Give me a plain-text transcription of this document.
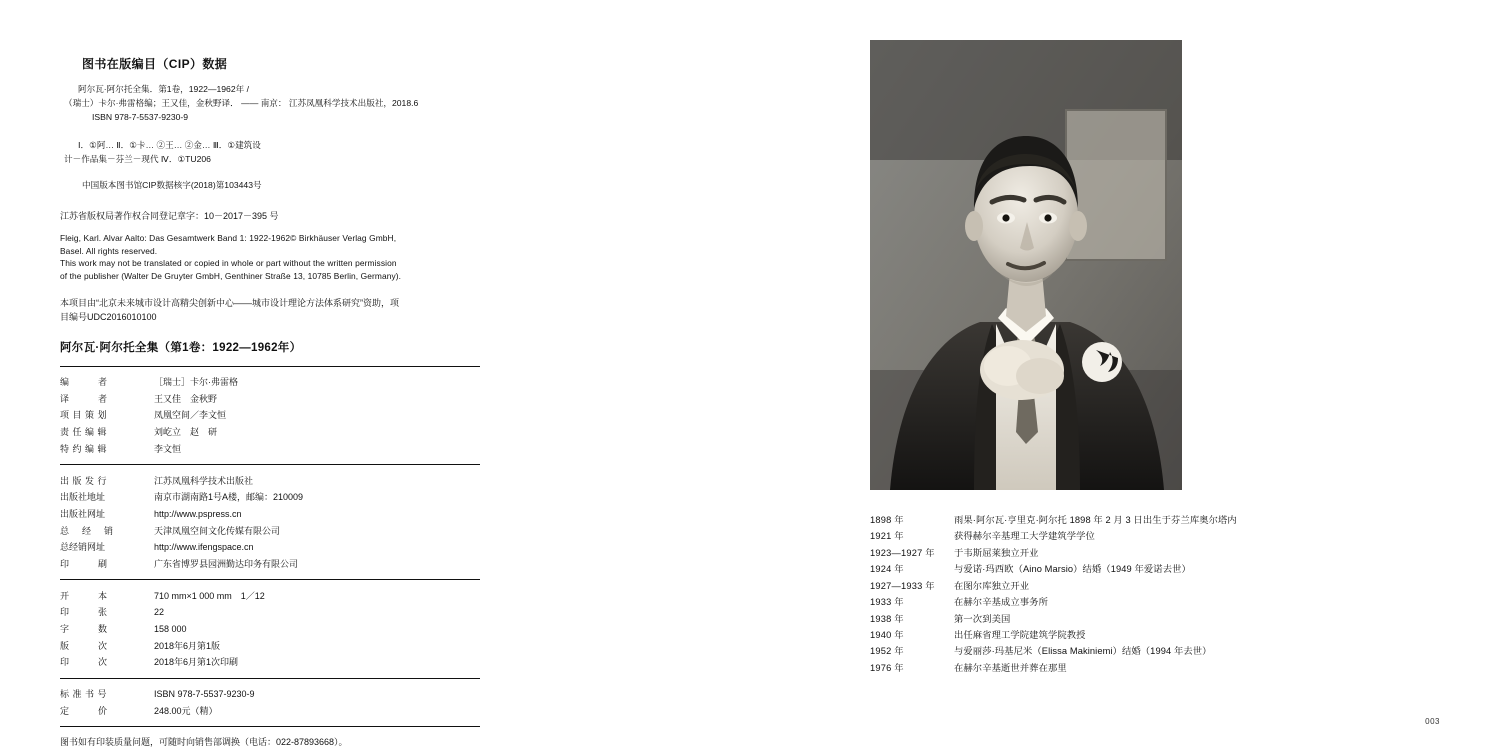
图书在版编目（CIP）数据
阿尔瓦·阿尔托全集．第1卷，1922—1962年 /
（瑞士）卡尔·弗雷格编；王又佳，金秋野译． —— 南京： 江苏凤凰科学技术出版社，2018.6
ISBN 978-7-5537-9230-9
Ⅰ．①阿… Ⅱ．①卡… ②王… ②金… Ⅲ．①建筑设
计－作品集－芬兰－现代 Ⅳ．①TU206
中国版本图书馆CIP数据核字(2018)第103443号
江苏省版权局著作权合同登记章字：10－2017－395 号
Fleig, Karl. Alvar Aalto: Das Gesamtwerk Band 1: 1922-1962© Birkhäuser Verlag GmbH,
Basel. All rights reserved.
This work may not be translated or copied in whole or part without the written permission
of the publisher (Walter De Gruyter GmbH, Genthiner Straße 13, 10785 Berlin, Germany).
本项目由“北京未来城市设计高精尖创新中心——城市设计理论方法体系研究”资助，项
目编号UDC2016010100
阿尔瓦·阿尔托全集（第1卷：1922—1962年）
编　　　者	［瑞士］卡尔·弗雷格
译　　　者	王又佳　金秋野
项 目 策 划	凤凰空间／李文恒
责 任 编 辑	刘屹立　赵　研
特 约 编 辑	李文恒
出 版 发 行	江苏凤凰科学技术出版社
出版社地址	南京市湖南路1号A楼，邮编：210009
出版社网址	http://www.pspress.cn
总 　经 　销	天津凤凰空间文化传媒有限公司
总经销网址	http://www.ifengspace.cn
印　　　刷	广东省博罗县园洲勤达印务有限公司
开　　　本	710 mm×1 000 mm　1／12
印　　　张	22
字　　　数	158 000
版　　　次	2018年6月第1版
印　　　次	2018年6月第1次印刷
标 准 书 号	ISBN 978-7-5537-9230-9
定　　　价	248.00元（精）
图书如有印装质量问题，可随时向销售部调换（电话：022-87893668）。
1898 年	雨果·阿尔瓦·亨里克·阿尔托 1898 年 2 月 3 日出生于芬兰库奥尔塔内
1921 年	获得赫尔辛基理工大学建筑学学位
1923—1927 年	于韦斯屈莱独立开业
1924 年	与爱诺·玛西欧（Aino Marsio）结婚（1949 年爱诺去世）
1927—1933 年	在图尔库独立开业
1933 年	在赫尔辛基成立事务所
1938 年	第一次到美国
1940 年	出任麻省理工学院建筑学院教授
1952 年	与爱丽莎·玛基尼米（Elissa Makiniemi）结婚（1994 年去世）
1976 年	在赫尔辛基逝世并葬在那里
003
